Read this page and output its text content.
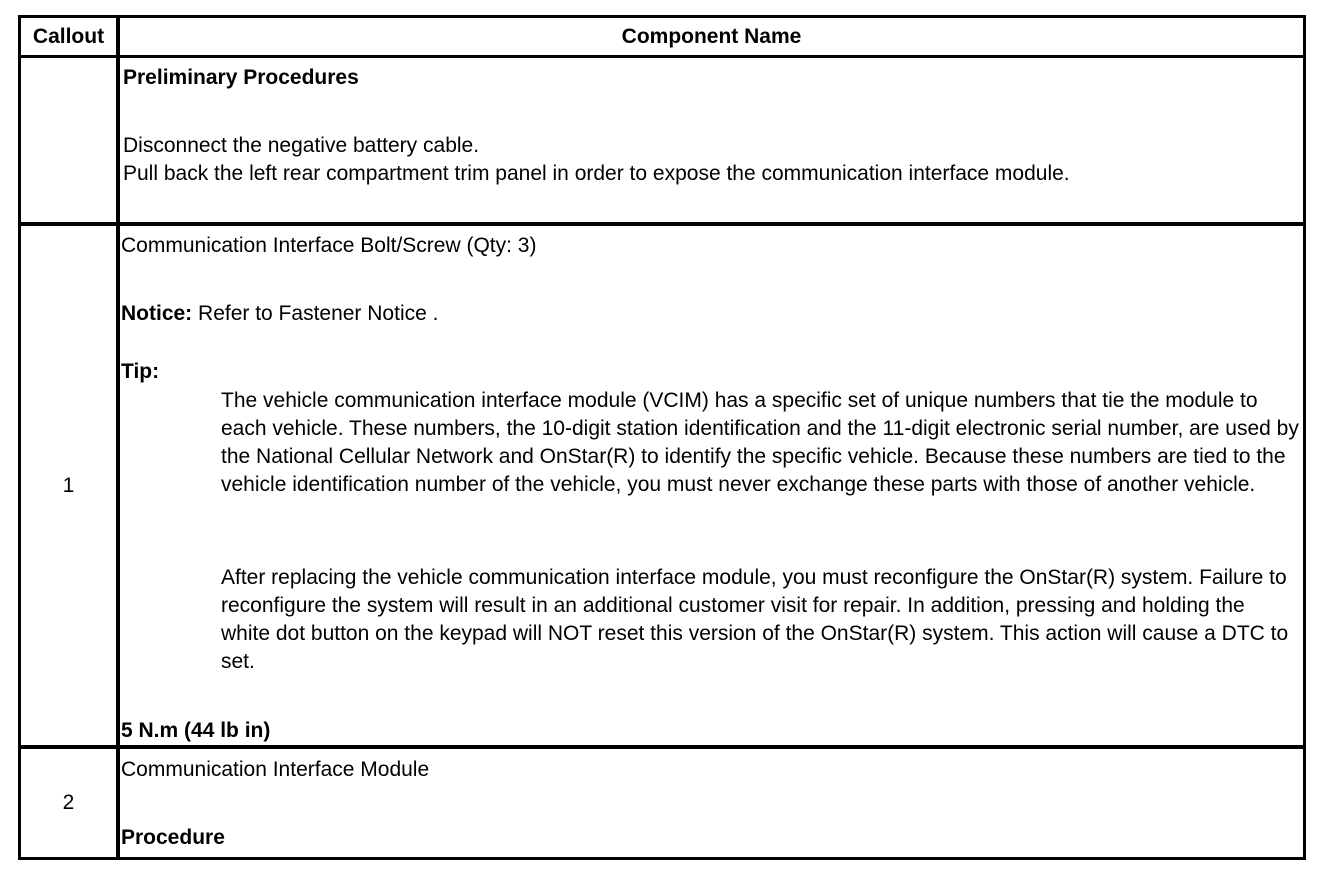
Callout	Component Name
Preliminary Procedures
Disconnect the negative battery cable.
Pull back the left rear compartment trim panel in order to expose the communication interface module.
1
Communication Interface Bolt/Screw (Qty: 3)
Notice: Refer to Fastener Notice .
Tip:

The vehicle communication interface module (VCIM) has a specific set of unique numbers that tie the module to each vehicle. These numbers, the 10-digit station identification and the 11-digit electronic serial number, are used by the National Cellular Network and OnStar(R) to identify the specific vehicle. Because these numbers are tied to the vehicle identification number of the vehicle, you must never exchange these parts with those of another vehicle.

After replacing the vehicle communication interface module, you must reconfigure the OnStar(R) system. Failure to reconfigure the system will result in an additional customer visit for repair. In addition, pressing and holding the white dot button on the keypad will NOT reset this version of the OnStar(R) system. This action will cause a DTC to set.

5 N.m (44 lb in)
2
Communication Interface Module
Procedure
